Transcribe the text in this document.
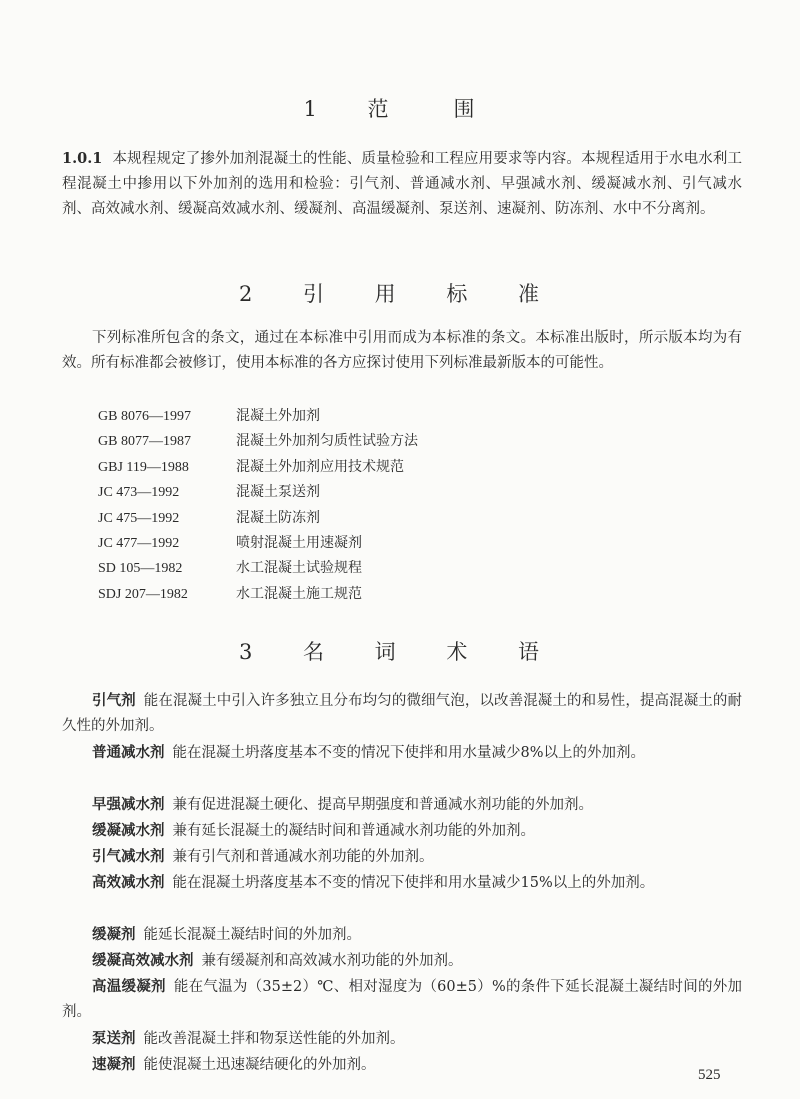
1 范　围

1.0.1 本规程规定了掺外加剂混凝土的性能、质量检验和工程应用要求等内容。本规程适用于水电水利工程混凝土中掺用以下外加剂的选用和检验：引气剂、普通减水剂、早强减水剂、缓凝减水剂、引气减水剂、高效减水剂、缓凝高效减水剂、缓凝剂、高温缓凝剂、泵送剂、速凝剂、防冻剂、水中不分离剂。

2 引 用 标 准

下列标准所包含的条文，通过在本标准中引用而成为本标准的条文。本标准出版时，所示版本均为有效。所有标准都会被修订，使用本标准的各方应探讨使用下列标准最新版本的可能性。

GB 8076—1997	混凝土外加剂
GB 8077—1987	混凝土外加剂匀质性试验方法
GBJ 119—1988	混凝土外加剂应用技术规范
JC 473—1992	混凝土泵送剂
JC 475—1992	混凝土防冻剂
JC 477—1992	喷射混凝土用速凝剂
SD 105—1982	水工混凝土试验规程
SDJ 207—1982	水工混凝土施工规范
3 名 词 术 语

引气剂 能在混凝土中引入许多独立且分布均匀的微细气泡，以改善混凝土的和易性，提高混凝土的耐久性的外加剂。

普通减水剂 能在混凝土坍落度基本不变的情况下使拌和用水量减少8%以上的外加剂。

早强减水剂 兼有促进混凝土硬化、提高早期强度和普通减水剂功能的外加剂。

缓凝减水剂 兼有延长混凝土的凝结时间和普通减水剂功能的外加剂。

引气减水剂 兼有引气剂和普通减水剂功能的外加剂。

高效减水剂 能在混凝土坍落度基本不变的情况下使拌和用水量减少15%以上的外加剂。

缓凝剂 能延长混凝土凝结时间的外加剂。

缓凝高效减水剂 兼有缓凝剂和高效减水剂功能的外加剂。

高温缓凝剂 能在气温为（35±2）℃、相对湿度为（60±5）%的条件下延长混凝土凝结时间的外加剂。

泵送剂 能改善混凝土拌和物泵送性能的外加剂。

速凝剂 能使混凝土迅速凝结硬化的外加剂。

525
